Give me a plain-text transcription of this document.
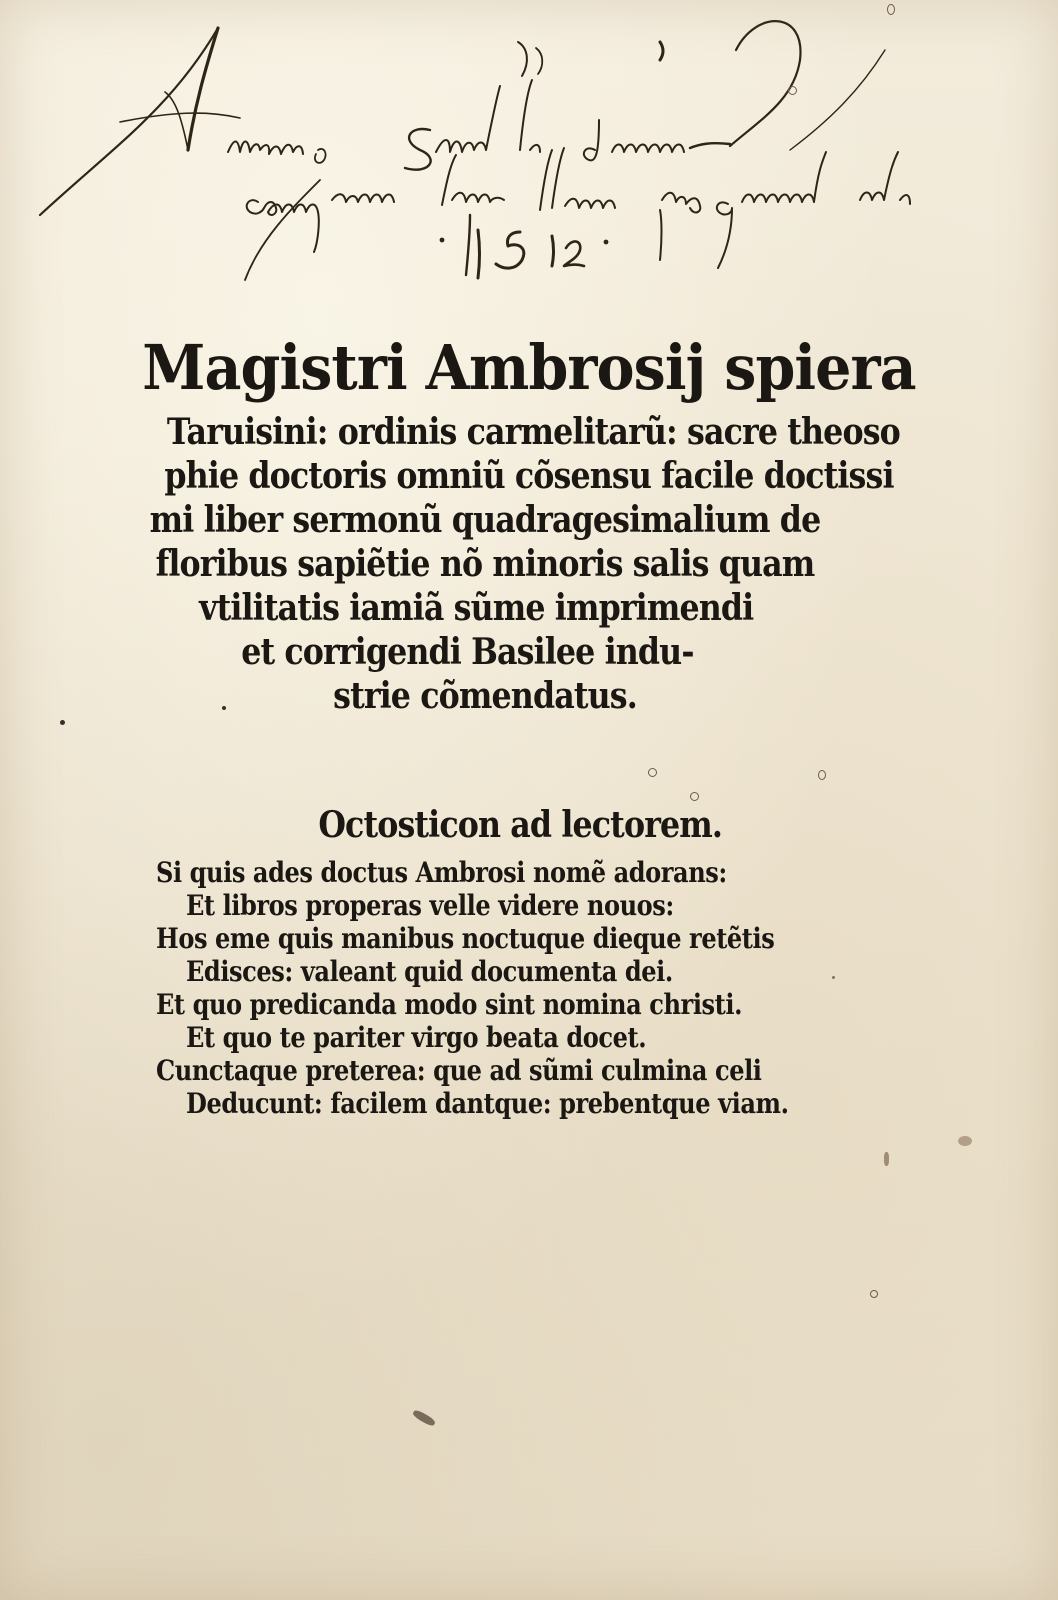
Magistri Ambrosij spiera
Taruisini: ordinis carmelitarũ: sacre theoso
phie doctoris omniũ cõsensu facile doctissi
mi liber sermonũ quadragesimalium de
floribus sapiẽtie nõ minoris salis quam
vtilitatis iamiã sũme imprimendi
et corrigendi Basilee indu-
strie cõmendatus.
Octosticon ad lectorem.
Si quis ades doctus Ambrosi nomẽ adorans:
Et libros properas velle videre nouos:
Hos eme quis manibus noctuque dieque retẽtis
Edisces: valeant quid documenta dei.
Et quo predicanda modo sint nomina christi.
Et quo te pariter virgo beata docet.
Cunctaque preterea: que ad sũmi culmina celi
Deducunt: facilem dantque: prebentque viam.
